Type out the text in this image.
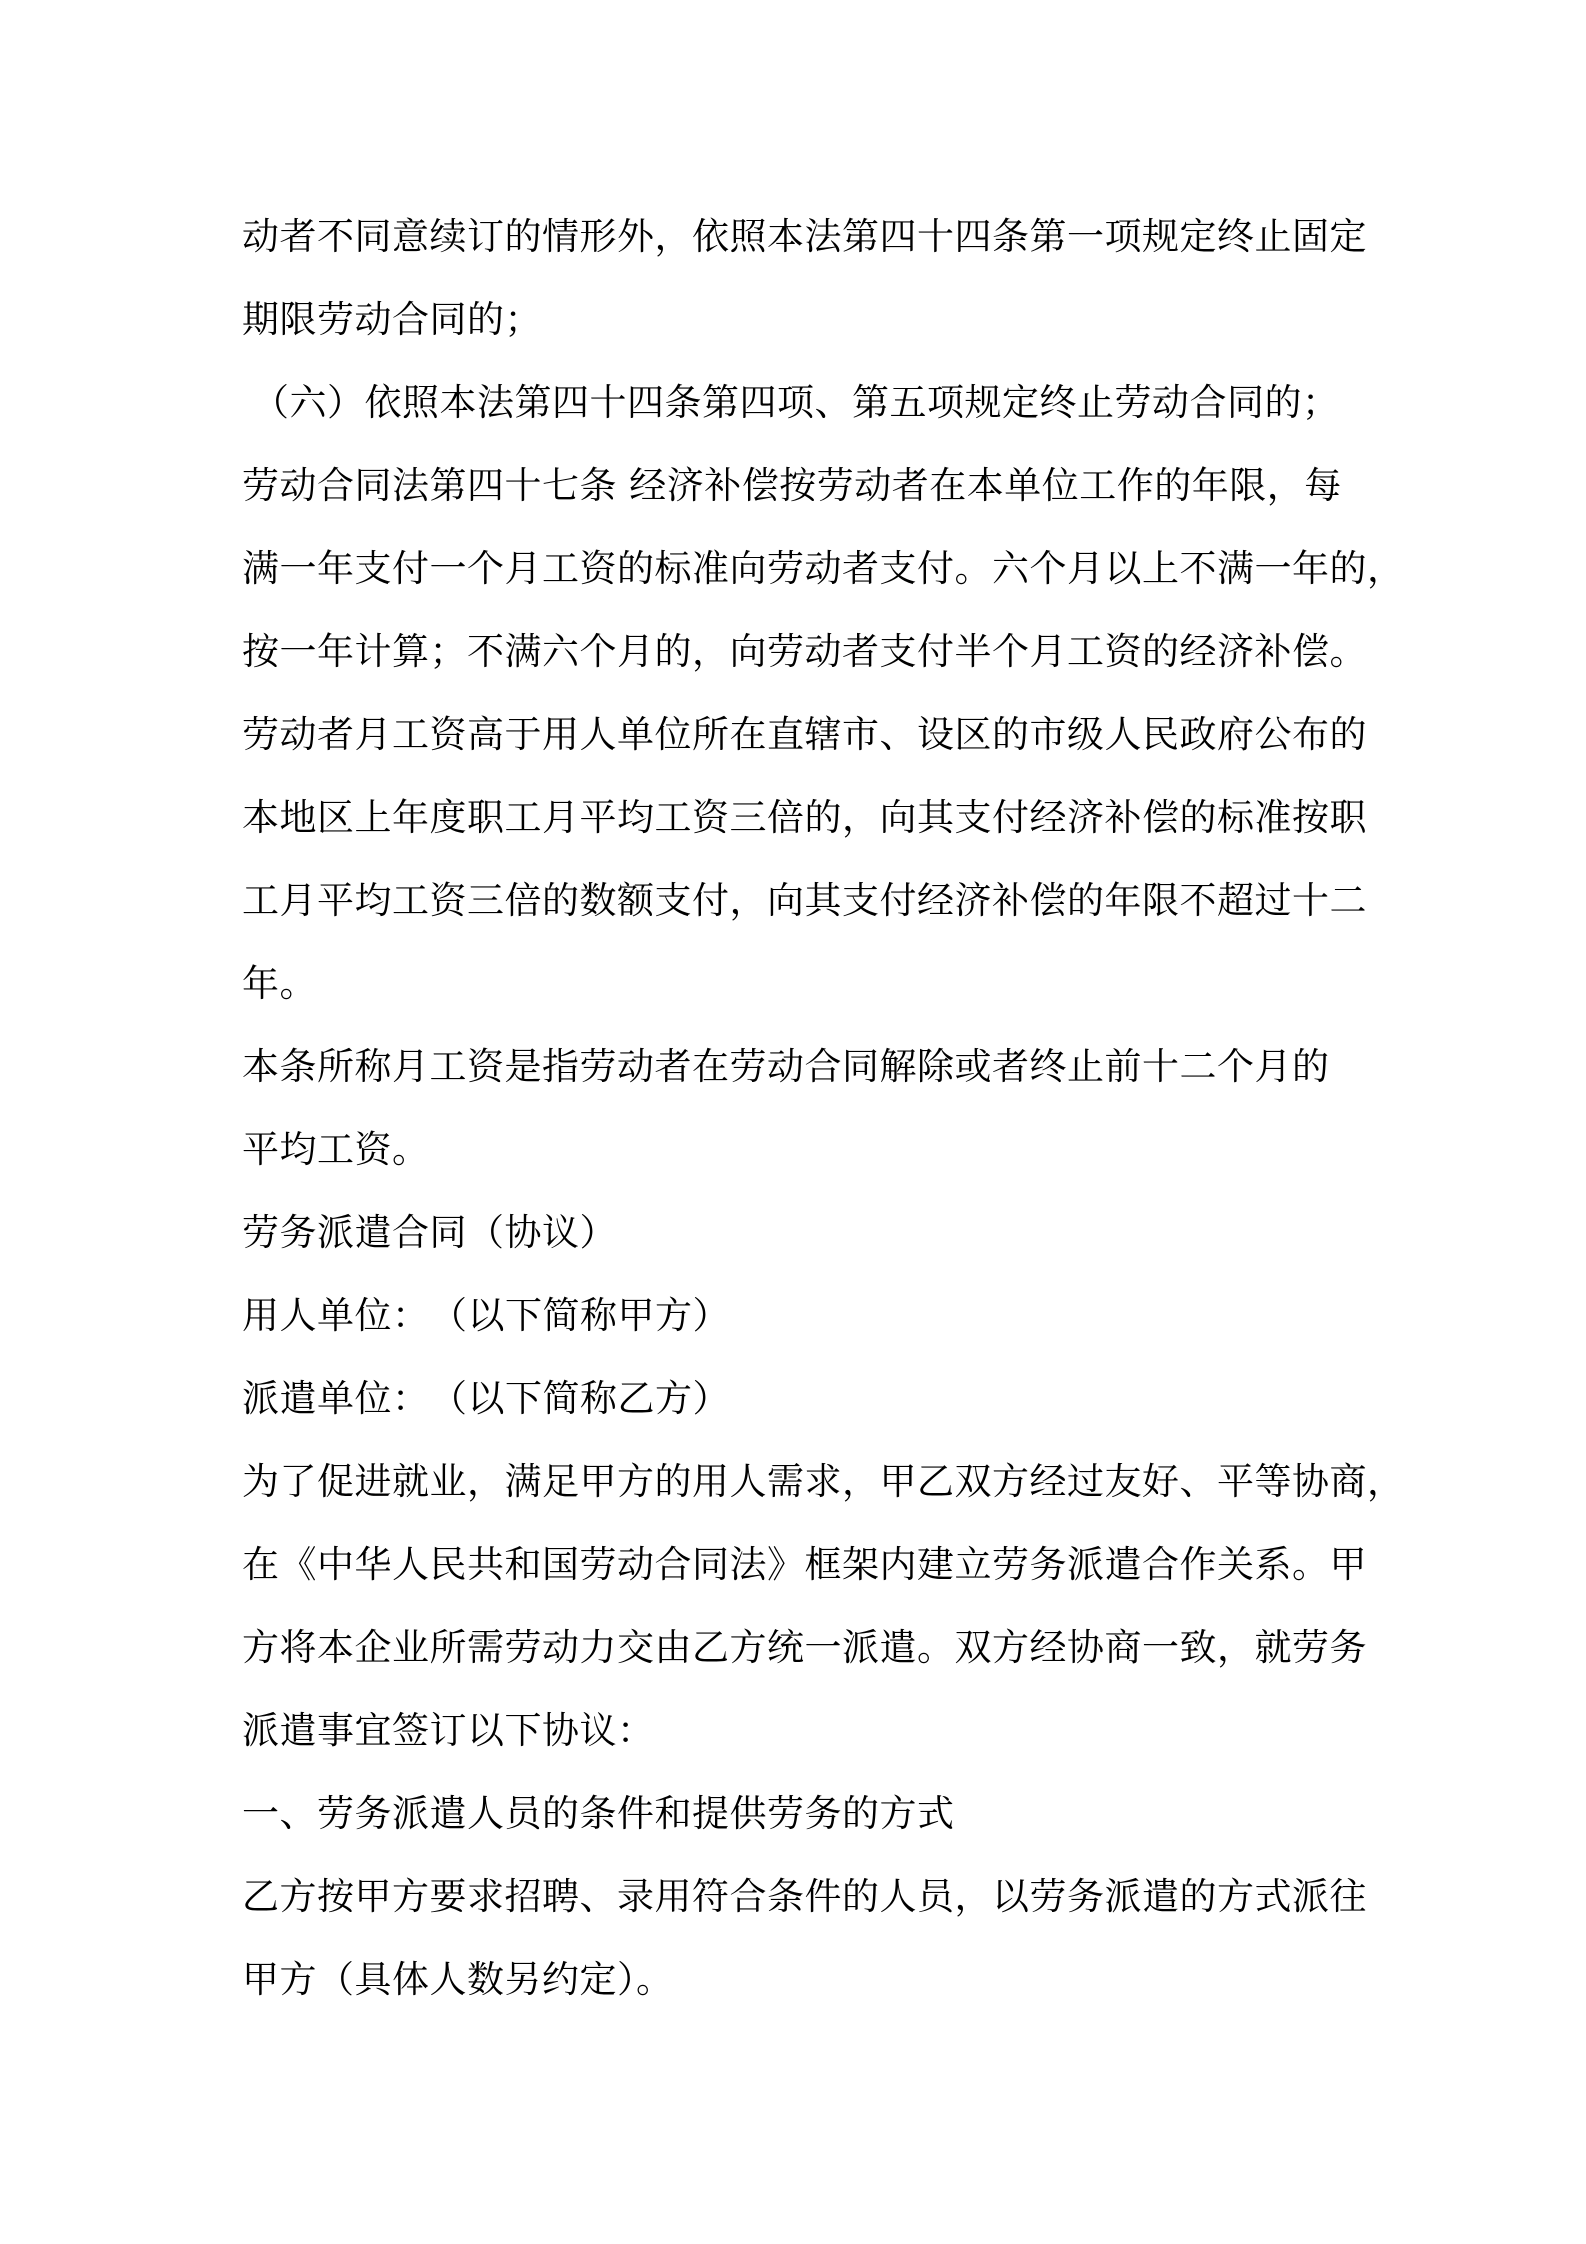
动者不同意续订的情形外，依照本法第四十四条第一项规定终止固定
期限劳动合同的；
（六）依照本法第四十四条第四项、第五项规定终止劳动合同的；
劳动合同法第四十七条 经济补偿按劳动者在本单位工作的年限，每
满一年支付一个月工资的标准向劳动者支付。六个月以上不满一年的，
按一年计算；不满六个月的，向劳动者支付半个月工资的经济补偿。
劳动者月工资高于用人单位所在直辖市、设区的市级人民政府公布的
本地区上年度职工月平均工资三倍的，向其支付经济补偿的标准按职
工月平均工资三倍的数额支付，向其支付经济补偿的年限不超过十二
年。
本条所称月工资是指劳动者在劳动合同解除或者终止前十二个月的
平均工资。
劳务派遣合同（协议）
用人单位：　（以下简称甲方）
派遣单位：　（以下简称乙方）
为了促进就业，满足甲方的用人需求，甲乙双方经过友好、平等协商，
在《中华人民共和国劳动合同法》框架内建立劳务派遣合作关系。甲
方将本企业所需劳动力交由乙方统一派遣。双方经协商一致，就劳务
派遣事宜签订以下协议：
一、劳务派遣人员的条件和提供劳务的方式
乙方按甲方要求招聘、录用符合条件的人员，以劳务派遣的方式派往
甲方（具体人数另约定）。
